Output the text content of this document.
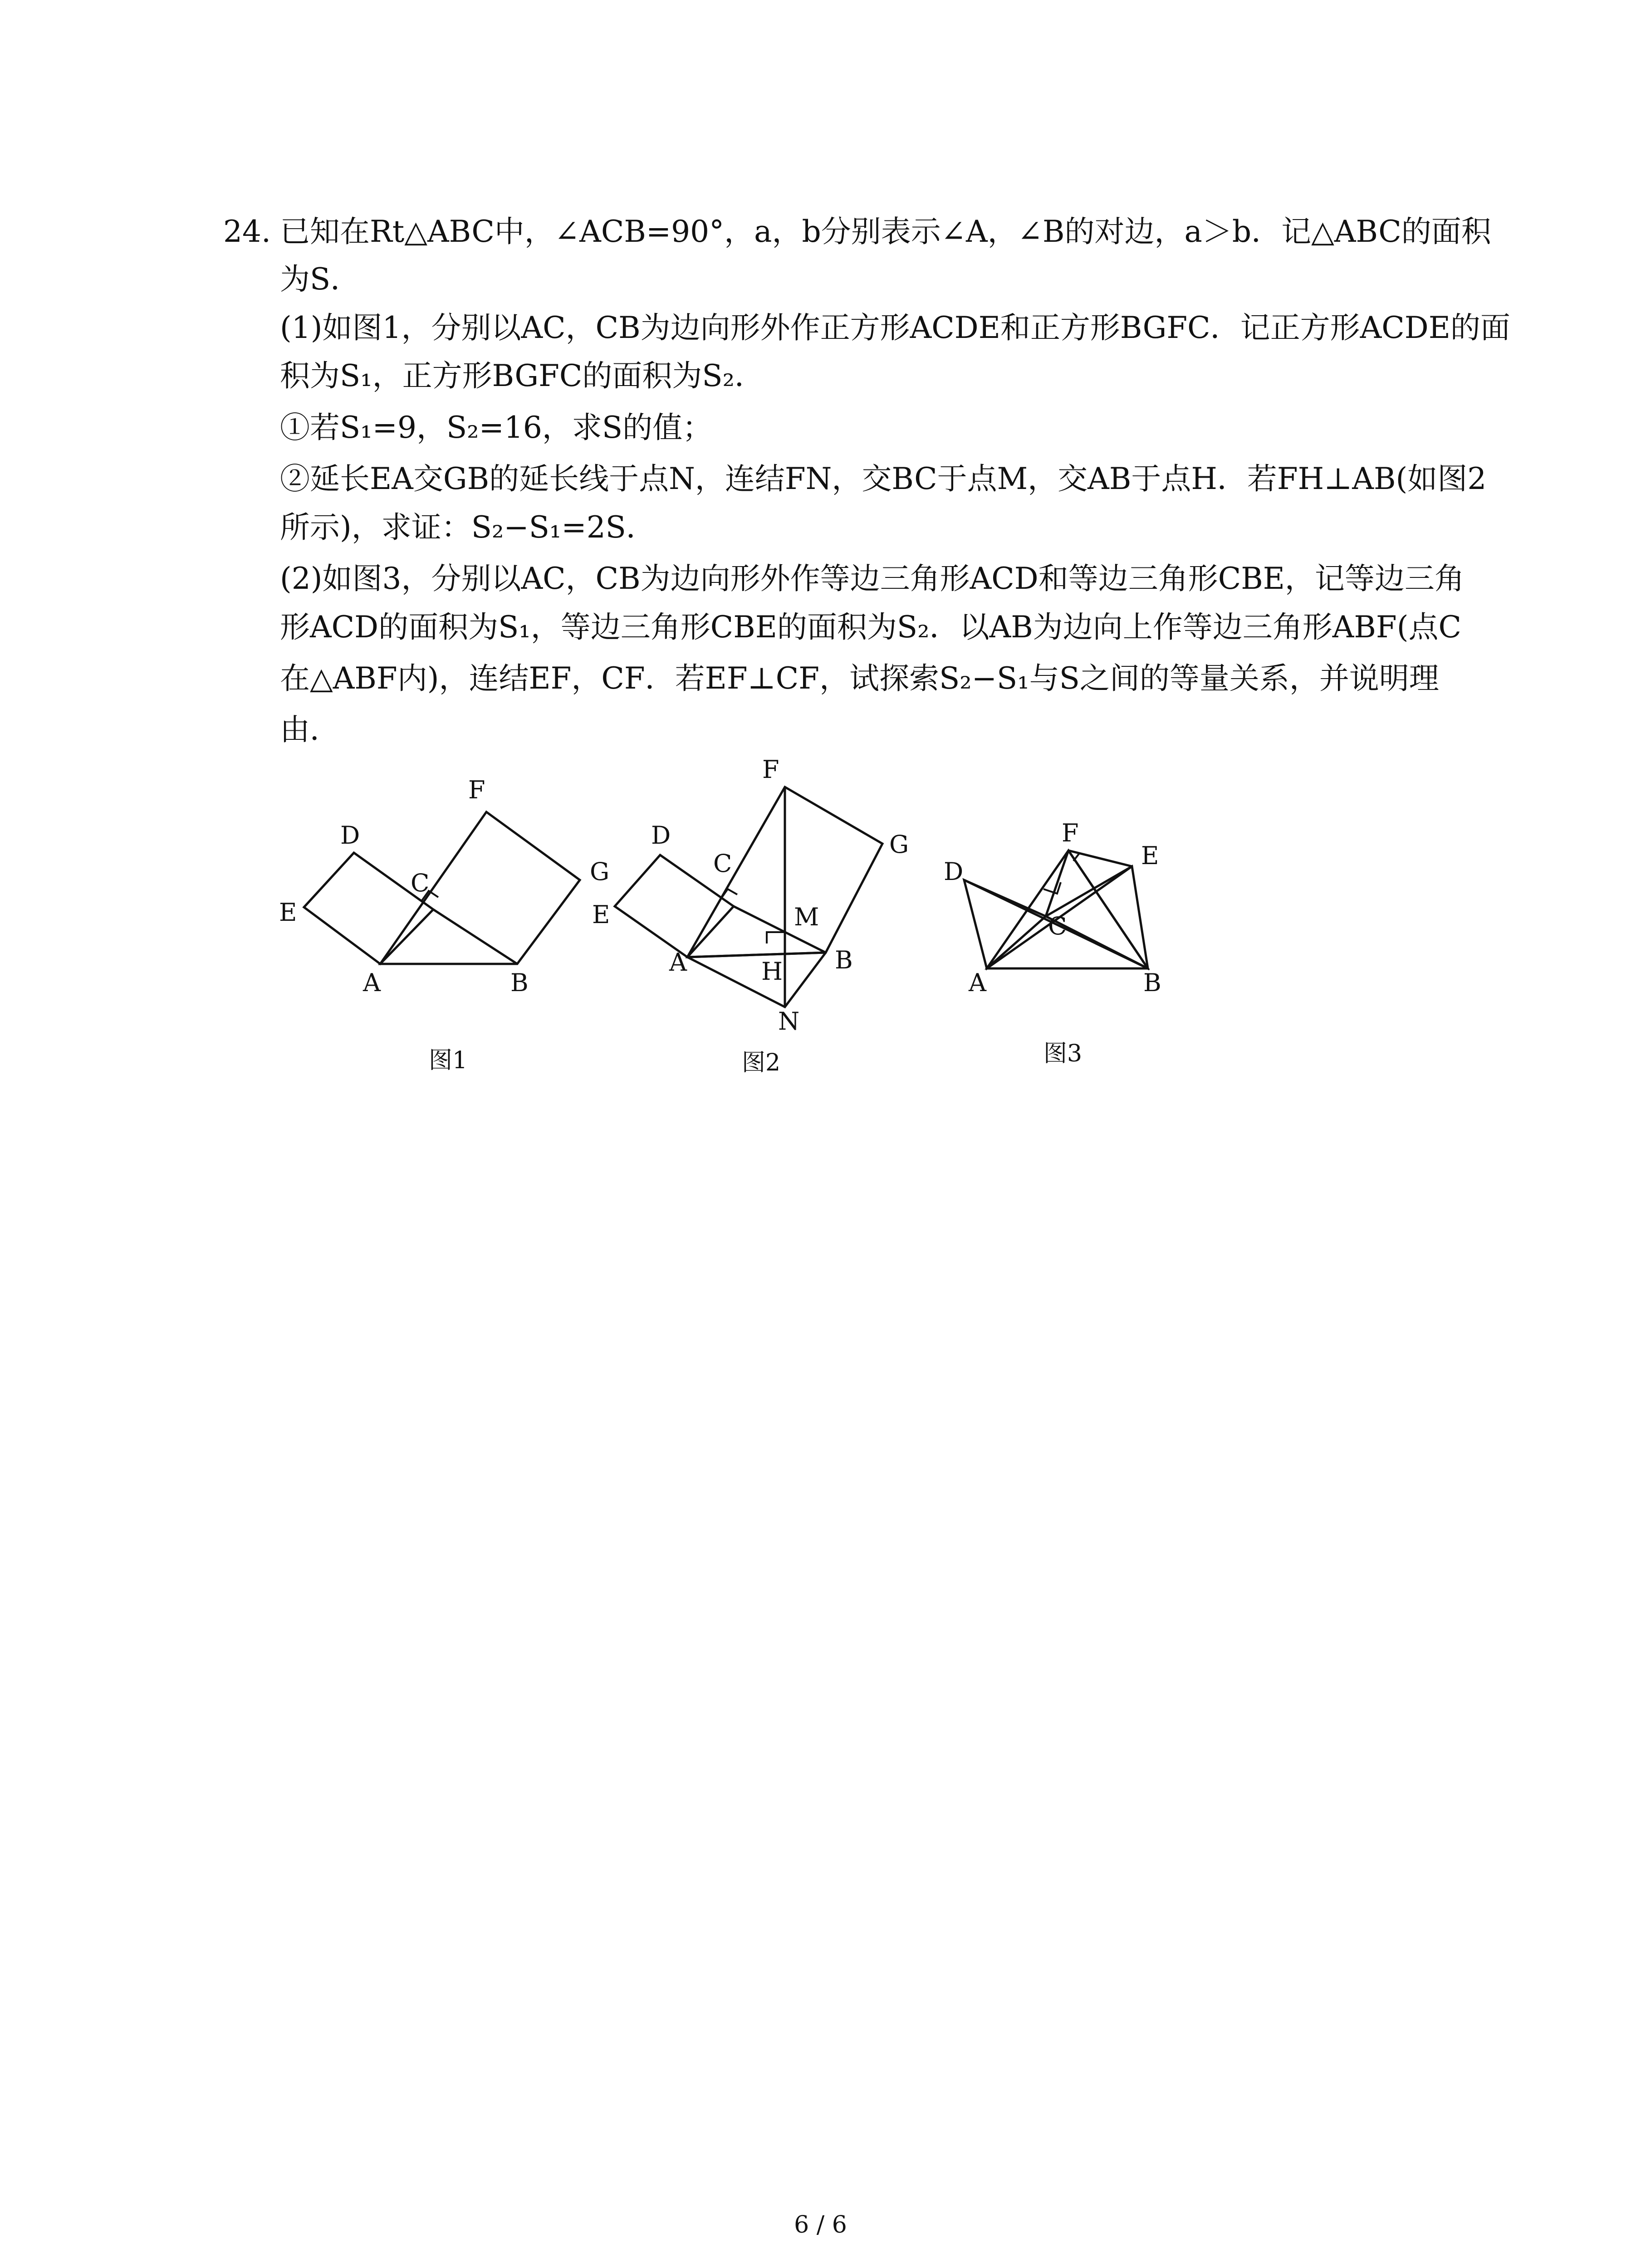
24. 已知在Rt△ABC中，∠ACB=90°，a，b分别表示∠A，∠B的对边，a＞b．记△ABC的面积
为S．
(1)如图1，分别以AC，CB为边向形外作正方形ACDE和正方形BGFC．记正方形ACDE的面
积为S₁，正方形BGFC的面积为S₂．
①若S₁=9，S₂=16，求S的值；
②延长EA交GB的延长线于点N，连结FN，交BC于点M，交AB于点H．若FH⊥AB(如图2
所示)，求证：S₂−S₁=2S．
(2)如图3，分别以AC，CB为边向形外作等边三角形ACD和等边三角形CBE，记等边三角
形ACD的面积为S₁，等边三角形CBE的面积为S₂．以AB为边向上作等边三角形ABF(点C
在△ABF内)，连结EF，CF．若EF⊥CF，试探索S₂−S₁与S之间的等量关系，并说明理
由．
D
C
F
G
E
A	B
图1
D
C
F
G
E	M
A	H B
N
图2
D
F
E
C
A	B
图3
6 / 6
